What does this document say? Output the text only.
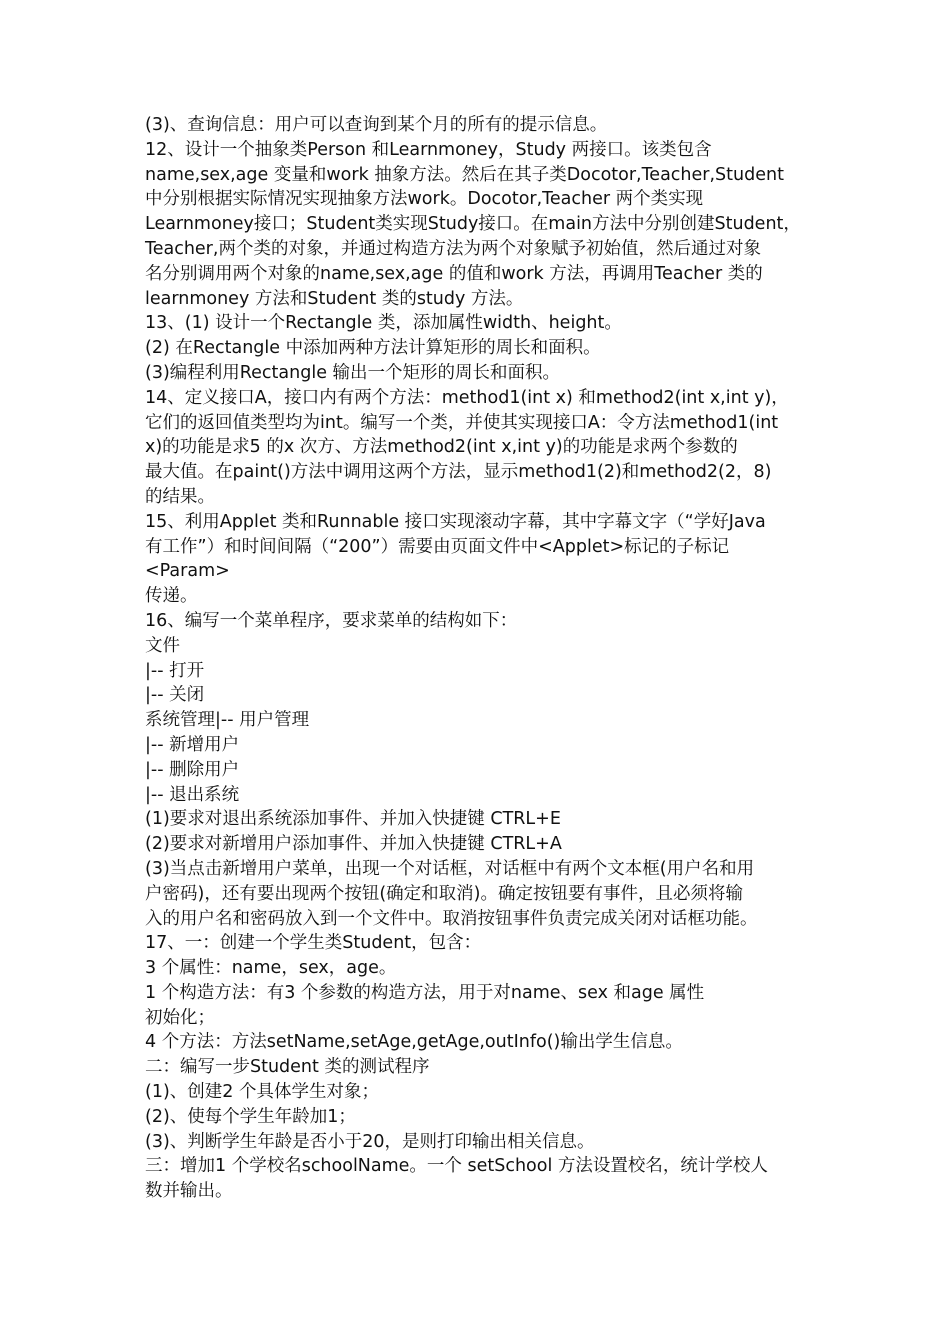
(3)、查询信息：用户可以查询到某个月的所有的提示信息。
12、设计一个抽象类Person 和Learnmoney，Study 两接口。该类包含
name,sex,age 变量和work 抽象方法。然后在其子类Docotor,Teacher,Student
中分别根据实际情况实现抽象方法work。Docotor,Teacher 两个类实现
Learnmoney接口；Student类实现Study接口。在main方法中分别创建Student，
Teacher,两个类的对象，并通过构造方法为两个对象赋予初始值，然后通过对象
名分别调用两个对象的name,sex,age 的值和work 方法，再调用Teacher 类的
learnmoney 方法和Student 类的study 方法。
13、(1) 设计一个Rectangle 类，添加属性width、height。
(2) 在Rectangle 中添加两种方法计算矩形的周长和面积。
(3)编程利用Rectangle 输出一个矩形的周长和面积。
14、定义接口A，接口内有两个方法：method1(int x) 和method2(int x,int y)，
它们的返回值类型均为int。编写一个类，并使其实现接口A：令方法method1(int
x)的功能是求5 的x 次方、方法method2(int x,int y)的功能是求两个参数的
最大值。在paint()方法中调用这两个方法，显示method1(2)和method2(2，8)
的结果。
15、利用Applet 类和Runnable 接口实现滚动字幕，其中字幕文字（“学好Java
有工作”）和时间间隔（“200”）需要由页面文件中<Applet>标记的子标记
<Param>
传递。
16、编写一个菜单程序，要求菜单的结构如下：
文件
|-- 打开
|-- 关闭
系统管理|-- 用户管理
|-- 新增用户
|-- 删除用户
|-- 退出系统
(1)要求对退出系统添加事件、并加入快捷键 CTRL+E
(2)要求对新增用户添加事件、并加入快捷键 CTRL+A
(3)当点击新增用户菜单，出现一个对话框，对话框中有两个文本框(用户名和用
户密码)，还有要出现两个按钮(确定和取消)。确定按钮要有事件，且必须将输
入的用户名和密码放入到一个文件中。取消按钮事件负责完成关闭对话框功能。
17、一：创建一个学生类Student，包含：
3 个属性：name，sex，age。
1 个构造方法：有3 个参数的构造方法，用于对name、sex 和age 属性
初始化；
4 个方法：方法setName,setAge,getAge,outInfo()输出学生信息。
二：编写一步Student 类的测试程序
(1)、创建2 个具体学生对象；
(2)、使每个学生年龄加1；
(3)、判断学生年龄是否小于20，是则打印输出相关信息。
三：增加1 个学校名schoolName。一个 setSchool 方法设置校名，统计学校人
数并输出。
